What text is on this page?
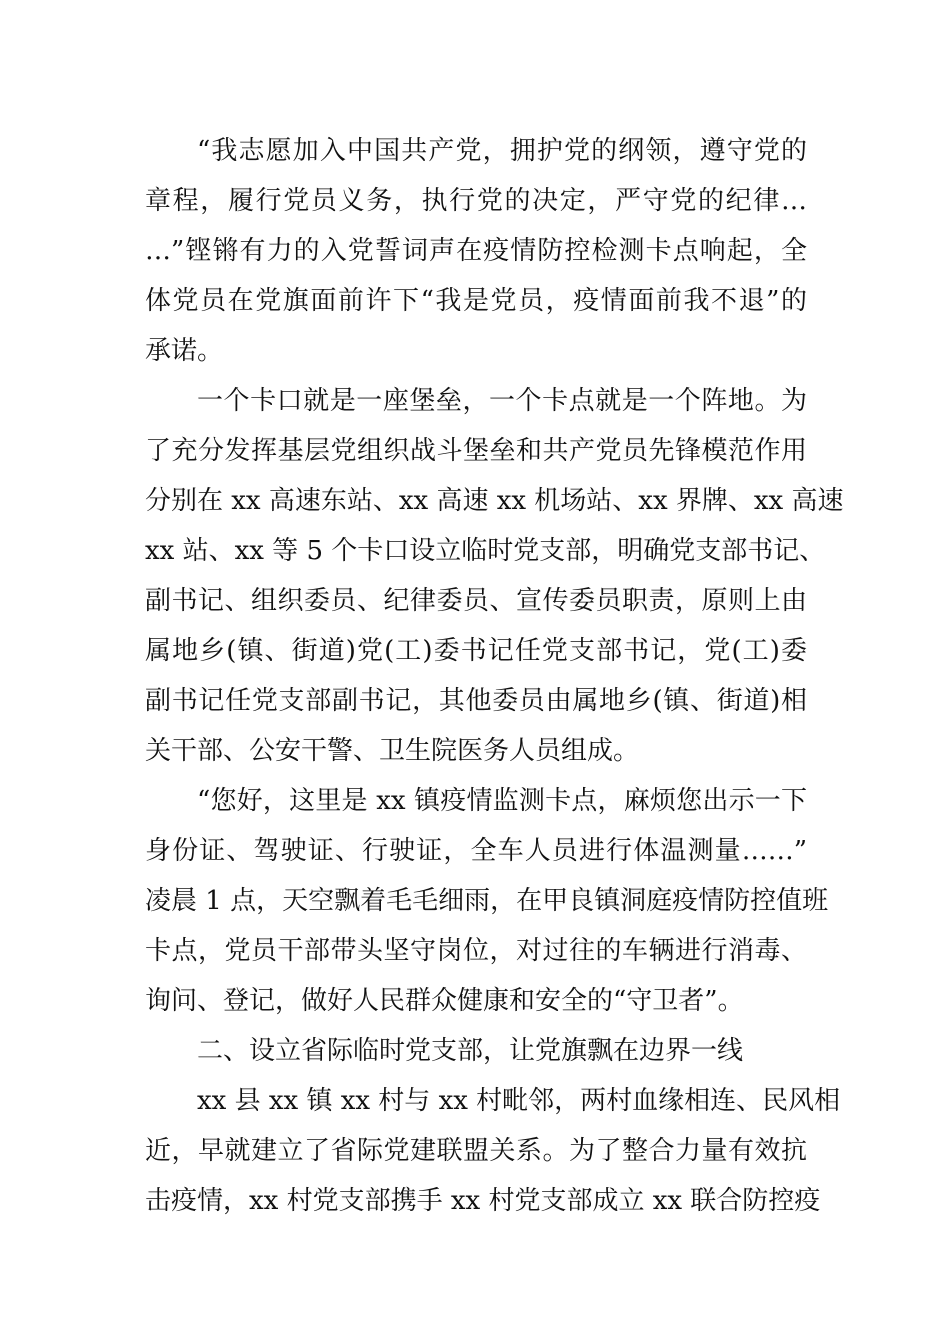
“我志愿加入中国共产党，拥护党的纲领，遵守党的
章程，履行党员义务，执行党的决定，严守党的纪律…
…”铿锵有力的入党誓词声在疫情防控检测卡点响起，全
体党员在党旗面前许下“我是党员，疫情面前我不退”的
承诺。
一个卡口就是一座堡垒，一个卡点就是一个阵地。为
了充分发挥基层党组织战斗堡垒和共产党员先锋模范作用
分别在 xx 高速东站、xx 高速 xx 机场站、xx 界牌、xx 高速
xx 站、xx 等 5 个卡口设立临时党支部，明确党支部书记、
副书记、组织委员、纪律委员、宣传委员职责，原则上由
属地乡(镇、街道)党(工)委书记任党支部书记，党(工)委
副书记任党支部副书记，其他委员由属地乡(镇、街道)相
关干部、公安干警、卫生院医务人员组成。
“您好，这里是 xx 镇疫情监测卡点，麻烦您出示一下
身份证、驾驶证、行驶证，全车人员进行体温测量……”
凌晨 1 点，天空飘着毛毛细雨，在甲良镇洞庭疫情防控值班
卡点，党员干部带头坚守岗位，对过往的车辆进行消毒、
询问、登记，做好人民群众健康和安全的“守卫者”。
二、设立省际临时党支部，让党旗飘在边界一线
xx 县 xx 镇 xx 村与 xx 村毗邻，两村血缘相连、民风相
近，早就建立了省际党建联盟关系。为了整合力量有效抗
击疫情，xx 村党支部携手 xx 村党支部成立 xx 联合防控疫
